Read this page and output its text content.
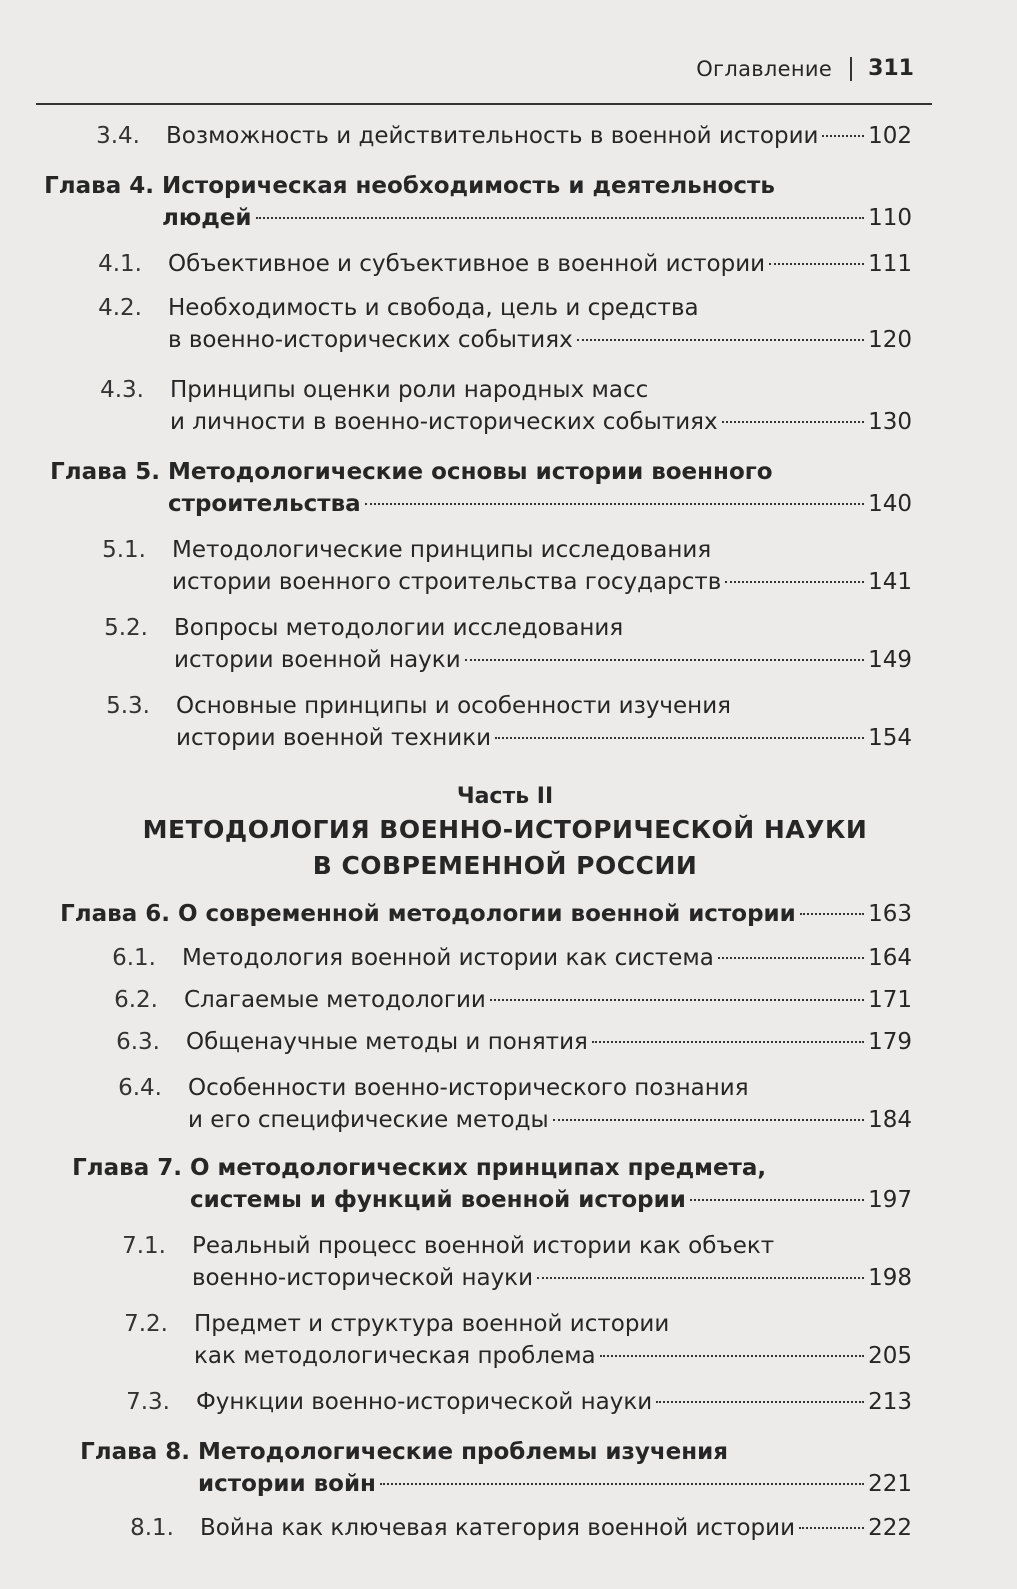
Оглавление 311
3.4.	Возможность и действительность в военной истории 102
Глава 4. Историческая необходимость и деятельность
людей	110
4.1.	Объективное и субъективное в военной истории	111
4.2.	Необходимость и свобода, цель и средства
в военно-исторических событиях	120
4.3.	Принципы оценки роли народных масс
и личности в военно-исторических событиях	130
Глава 5. Методологические основы истории военного
строительства	140
5.1.	Методологические принципы исследования
истории военного строительства государств	141
5.2.	Вопросы методологии исследования
истории военной науки	149
5.3.	Основные принципы и особенности изучения
истории военной техники	154
Часть II
МЕТОДОЛОГИЯ ВОЕННО-ИСТОРИЧЕСКОЙ НАУКИ
В СОВРЕМЕННОЙ РОССИИ
Глава 6. О современной методологии военной истории	163
6.1.	Методология военной истории как система	164
6.2.	Слагаемые методологии	171
6.3.	Общенаучные методы и понятия	179
6.4.	Особенности военно-исторического познания
и его специфические методы	184
Глава 7. О методологических принципах предмета,
системы и функций военной истории	197
7.1.	Реальный процесс военной истории как объект
военно-исторической науки	198
7.2.	Предмет и структура военной истории
как методологическая проблема	205
7.3.	Функции военно-исторической науки	213
Глава 8. Методологические проблемы изучения
истории войн	221
8.1.	Война как ключевая категория военной истории	222
